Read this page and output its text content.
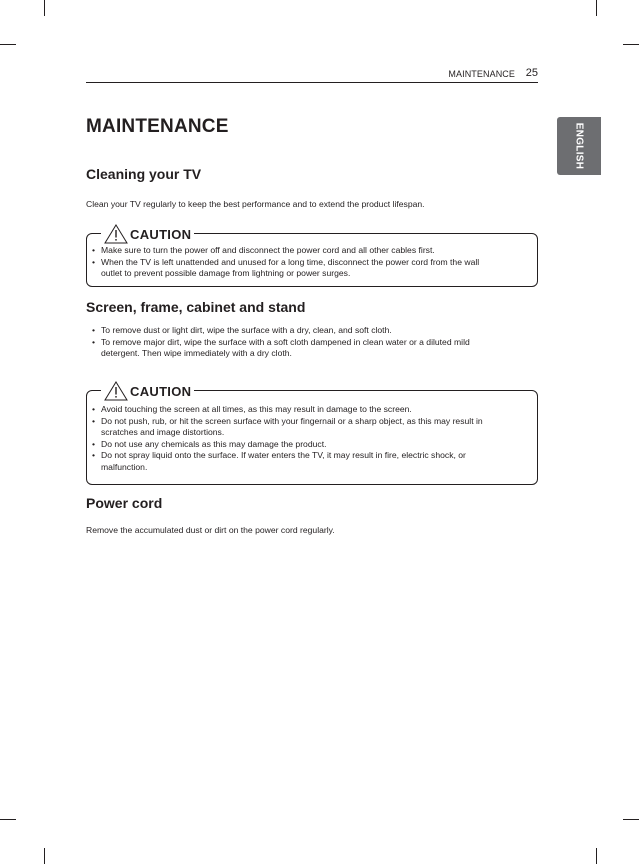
MAINTENANCE 25
ENGLISH
MAINTENANCE
Cleaning your TV

Clean your TV regularly to keep the best performance and to extend the product lifespan.

CAUTION
• Make sure to turn the power off and disconnect the power cord and all other cables first.
• When the TV is left unattended and unused for a long time, disconnect the power cord from the wall
outlet to prevent possible damage from lightning or power surges.
Screen, frame, cabinet and stand
• To remove dust or light dirt, wipe the surface with a dry, clean, and soft cloth.
• To remove major dirt, wipe the surface with a soft cloth dampened in clean water or a diluted mild
detergent. Then wipe immediately with a dry cloth.
CAUTION
• Avoid touching the screen at all times, as this may result in damage to the screen.
• Do not push, rub, or hit the screen surface with your fingernail or a sharp object, as this may result in
scratches and image distortions.
• Do not use any chemicals as this may damage the product.
• Do not spray liquid onto the surface. If water enters the TV, it may result in fire, electric shock, or
malfunction.
Power cord

Remove the accumulated dust or dirt on the power cord regularly.
